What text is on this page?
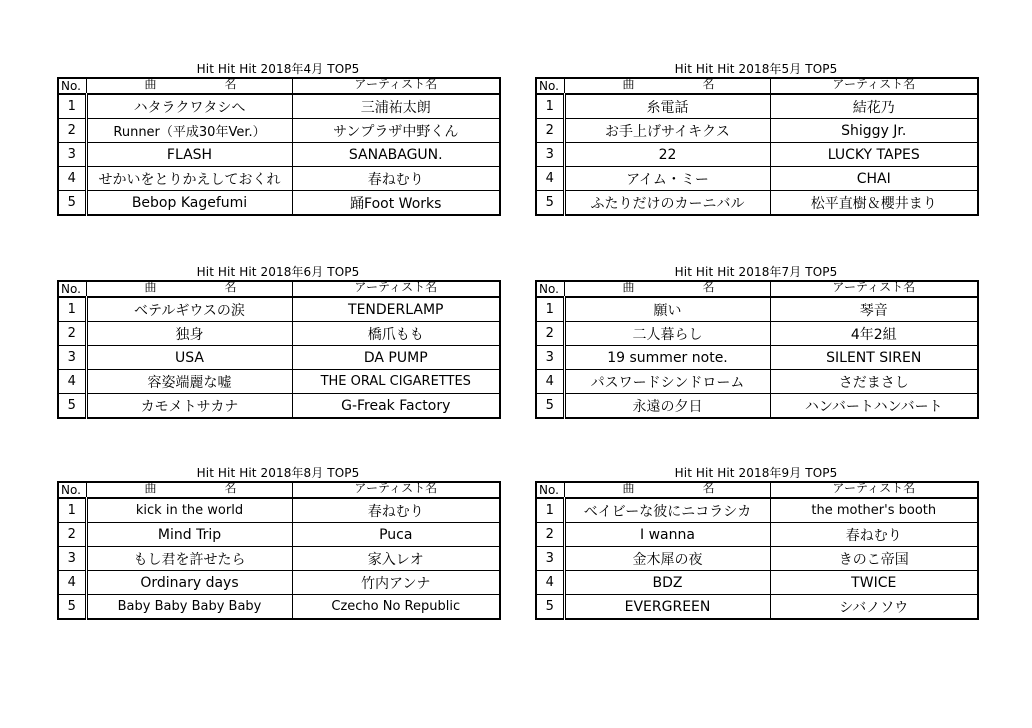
Hit Hit Hit 2018年4月 TOP5
No.	曲 名	アーティスト名
1	ハタラクワタシへ	三浦祐太朗
2	Runner（平成30年Ver.）	サンプラザ中野くん
3	FLASH	SANABAGUN.
4	せかいをとりかえしておくれ	春ねむり
5	Bebop Kagefumi	踊Foot Works
Hit Hit Hit 2018年5月 TOP5
No.	曲 名	アーティスト名
1	糸電話	結花乃
2	お手上げサイキクス	Shiggy Jr.
3	22	LUCKY TAPES
4	アイム・ミー	CHAI
5	ふたりだけのカーニバル	松平直樹＆櫻井まり
Hit Hit Hit 2018年6月 TOP5
No.	曲 名	アーティスト名
1	ベテルギウスの涙	TENDERLAMP
2	独身	橋爪もも
3	USA	DA PUMP
4	容姿端麗な嘘	THE ORAL CIGARETTES
5	カモメトサカナ	G-Freak Factory
Hit Hit Hit 2018年7月 TOP5
No.	曲 名	アーティスト名
1	願い	琴音
2	二人暮らし	4年2組
3	19 summer note.	SILENT SIREN
4	パスワードシンドローム	さだまさし
5	永遠の夕日	ハンバートハンバート
Hit Hit Hit 2018年8月 TOP5
No.	曲 名	アーティスト名
1	kick in the world	春ねむり
2	Mind Trip	Puca
3	もし君を許せたら	家入レオ
4	Ordinary days	竹内アンナ
5	Baby Baby Baby Baby	Czecho No Republic
Hit Hit Hit 2018年9月 TOP5
No.	曲 名	アーティスト名
1	ベイビーな彼にニコラシカ	the mother's booth
2	I wanna	春ねむり
3	金木犀の夜	きのこ帝国
4	BDZ	TWICE
5	EVERGREEN	シバノソウ
